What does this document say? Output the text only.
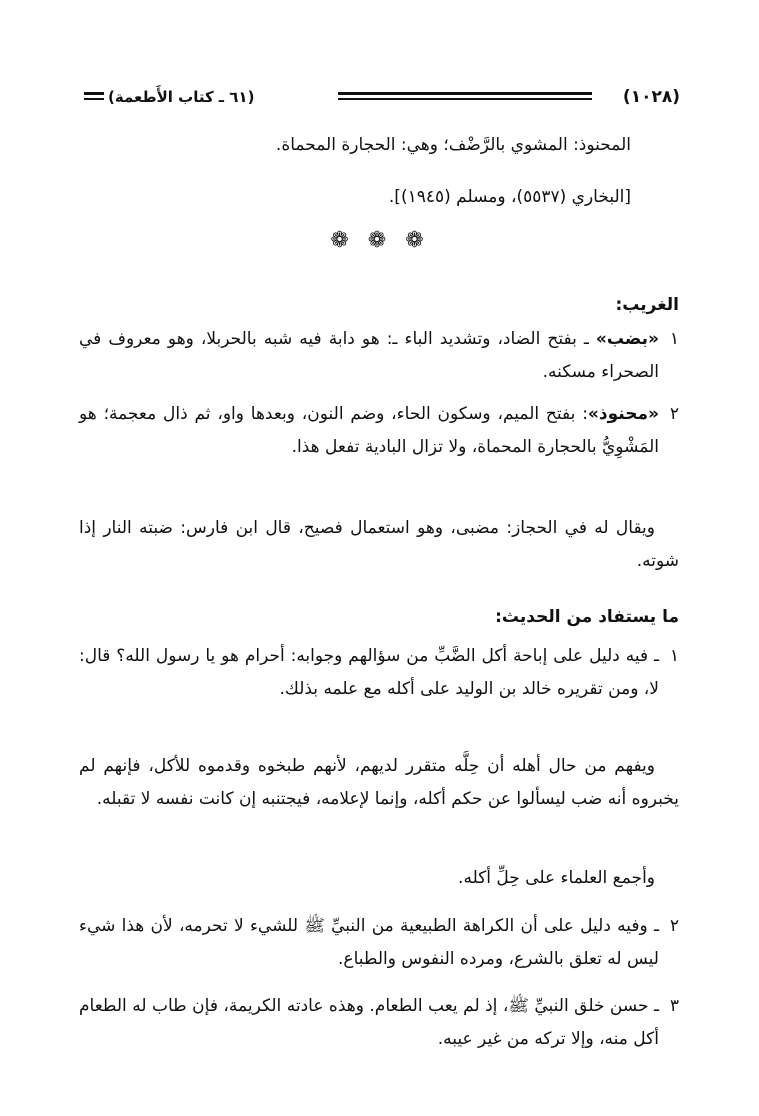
(١٠٢٨)
(٦١ ـ كتاب الأَطعمة)
المحنوذ: المشوي بالرَّضْف؛ وهي: الحجارة المحماة.
[البخاري (٥٥٣٧)، ومسلم (١٩٤٥)].
❁ ❁ ❁
الغريب:
١
«بضب» ـ بفتح الضاد، وتشديد الباء ـ: هو دابة فيه شبه بالحربلا، وهو معروف في الصحراء مسكنه.
٢
«محنوذ»: بفتح الميم، وسكون الحاء، وضم النون، وبعدها واو، ثم ذال معجمة؛ هو المَشْوِيُّ بالحجارة المحماة، ولا تزال البادية تفعل هذا.
ويقال له في الحجاز: مضبى، وهو استعمال فصيح، قال ابن فارس: ضبته النار إذا شوته.
ما يستفاد من الحديث:
١
ـ فيه دليل على إباحة أكل الضَّبِّ من سؤالهم وجوابه: أحرام هو يا رسول الله؟ قال: لا، ومن تقريره خالد بن الوليد على أكله مع علمه بذلك.
ويفهم من حال أهله أن حِلَّه متقرر لديهم، لأنهم طبخوه وقدموه للأكل، فإنهم لم يخبروه أنه ضب ليسألوا عن حكم أكله، وإنما لإعلامه، فيجتنبه إن كانت نفسه لا تقبله.
وأجمع العلماء على حِلِّ أكله.
٢
ـ وفيه دليل على أن الكراهة الطبيعية من النبيِّ ﷺ للشيء لا تحرمه، لأن هذا شيء ليس له تعلق بالشرع، ومرده النفوس والطباع.
٣
ـ حسن خلق النبيِّ ﷺ، إذ لم يعب الطعام. وهذه عادته الكريمة، فإن طاب له الطعام أكل منه، وإلا تركه من غير عيبه.
